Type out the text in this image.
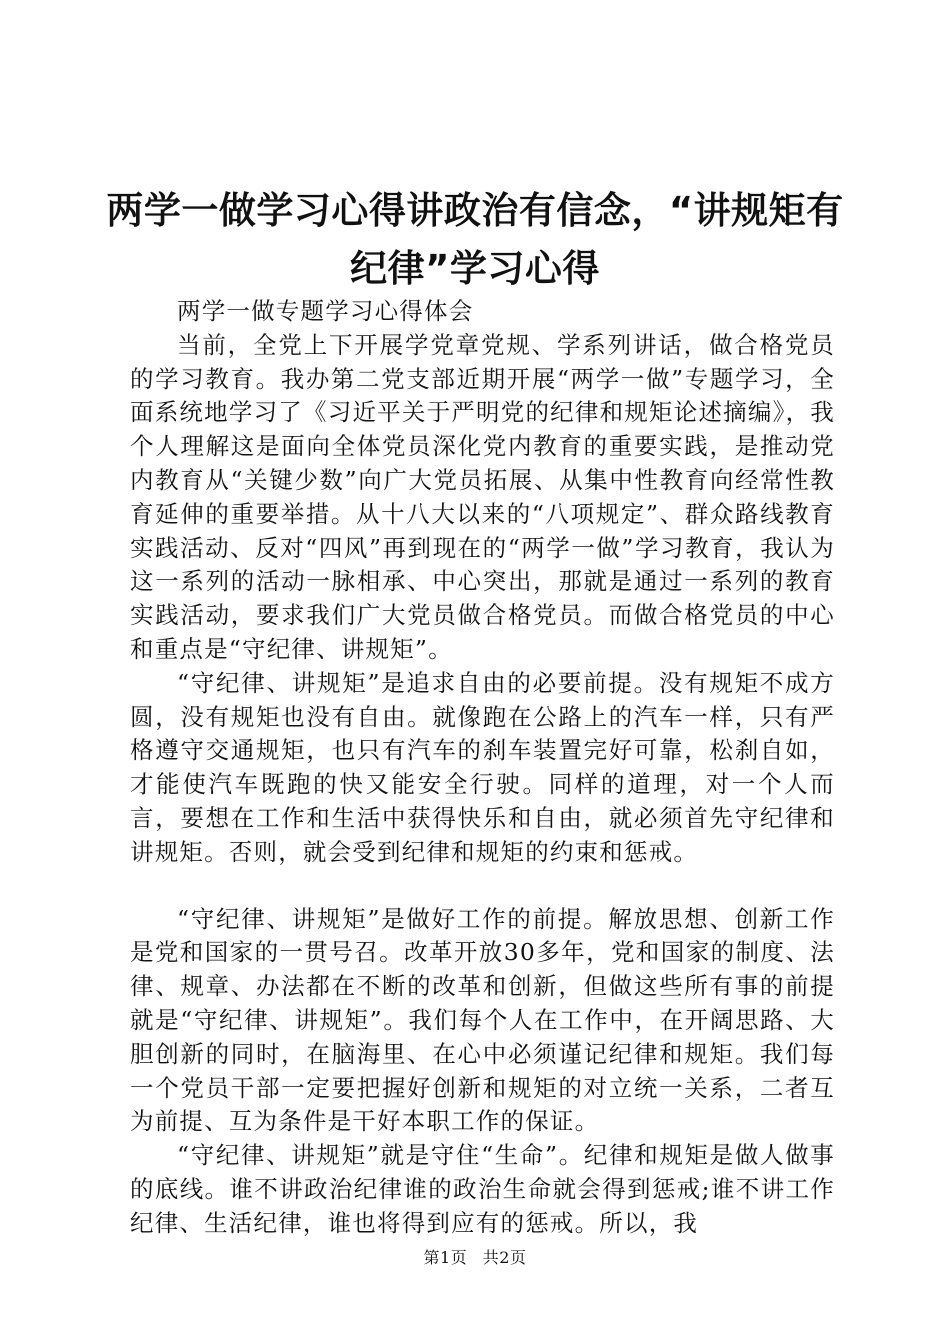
两学一做学习心得讲政治有信念，“讲规矩有纪律”学习心得

两学一做专题学习心得体会

当前，全党上下开展学党章党规、学系列讲话，做合格党员的学习教育。我办第二党支部近期开展“两学一做”专题学习，全面系统地学习了《习近平关于严明党的纪律和规矩论述摘编》，我个人理解这是面向全体党员深化党内教育的重要实践，是推动党内教育从“关键少数”向广大党员拓展、从集中性教育向经常性教育延伸的重要举措。从十八大以来的“八项规定”、群众路线教育实践活动、反对“四风”再到现在的“两学一做”学习教育，我认为这一系列的活动一脉相承、中心突出，那就是通过一系列的教育实践活动，要求我们广大党员做合格党员。而做合格党员的中心和重点是“守纪律、讲规矩”。

“守纪律、讲规矩”是追求自由的必要前提。没有规矩不成方圆，没有规矩也没有自由。就像跑在公路上的汽车一样，只有严格遵守交通规矩，也只有汽车的刹车装置完好可靠，松刹自如，才能使汽车既跑的快又能安全行驶。同样的道理，对一个人而言，要想在工作和生活中获得快乐和自由，就必须首先守纪律和讲规矩。否则，就会受到纪律和规矩的约束和惩戒。

“守纪律、讲规矩”是做好工作的前提。解放思想、创新工作是党和国家的一贯号召。改革开放30多年，党和国家的制度、法律、规章、办法都在不断的改革和创新，但做这些所有事的前提就是“守纪律、讲规矩”。我们每个人在工作中，在开阔思路、大胆创新的同时，在脑海里、在心中必须谨记纪律和规矩。我们每一个党员干部一定要把握好创新和规矩的对立统一关系，二者互为前提、互为条件是干好本职工作的保证。

“守纪律、讲规矩”就是守住“生命”。纪律和规矩是做人做事的底线。谁不讲政治纪律谁的政治生命就会得到惩戒;谁不讲工作纪律、生活纪律，谁也将得到应有的惩戒。所以，我

第1页 共2页
